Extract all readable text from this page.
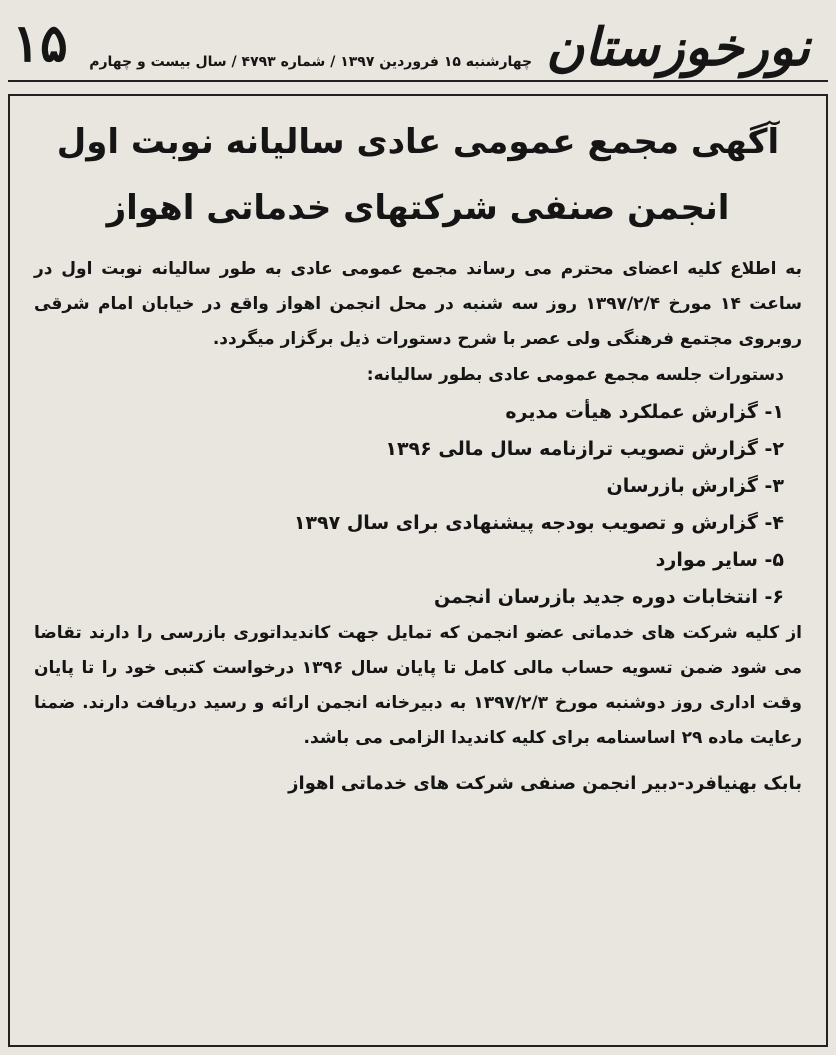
نورخوزستان
چهارشنبه ۱۵ فروردین ۱۳۹۷ / شماره ۴۷۹۳ / سال بیست و چهارم
۱۵
آگهی مجمع عمومی عادی سالیانه نوبت اول
انجمن صنفی شرکتهای خدماتی اهواز

به اطلاع کلیه اعضای محترم می رساند مجمع عمومی عادی به طور سالیانه نوبت اول در ساعت ۱۴ مورخ ۱۳۹۷/۲/۴ روز سه شنبه در محل انجمن اهواز واقع در خیابان امام شرقی روبروی مجتمع فرهنگی ولی عصر با شرح دستورات ذیل برگزار میگردد.

دستورات جلسه مجمع عمومی عادی بطور سالیانه:
۱- گزارش عملکرد هیأت مدیره
۲- گزارش تصویب ترازنامه سال مالی ۱۳۹۶
۳- گزارش بازرسان
۴- گزارش و تصویب بودجه پیشنهادی برای سال ۱۳۹۷
۵- سایر موارد
۶- انتخابات دوره جدید بازرسان انجمن

از کلیه شرکت های خدماتی عضو انجمن که تمایل جهت کاندیداتوری بازرسی را دارند تقاضا می شود ضمن تسویه حساب مالی کامل تا پایان سال ۱۳۹۶ درخواست کتبی خود را تا پایان وقت اداری روز دوشنبه مورخ ۱۳۹۷/۲/۳ به دبیرخانه انجمن ارائه و رسید دریافت دارند. ضمنا رعایت ماده ۲۹ اساسنامه برای کلیه کاندیدا الزامی می باشد.

بابک بهنیافرد-دبیر انجمن صنفی شرکت های خدماتی اهواز
